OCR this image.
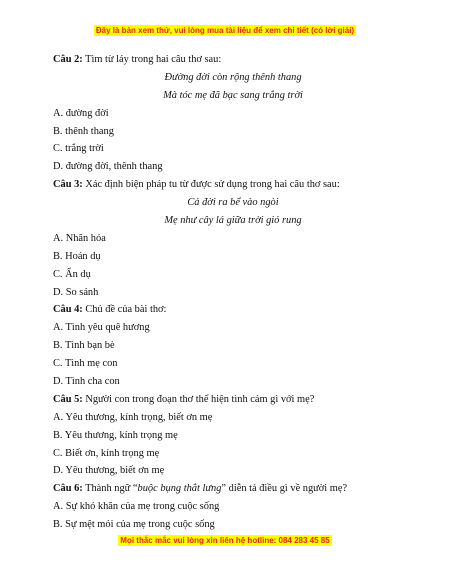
Đây là bản xem thử, vui lòng mua tài liệu để xem chi tiết (có lời giải)
Câu 2: Tìm từ láy trong hai câu thơ sau:
Đường đời còn rộng thênh thang
Mà tóc mẹ đã bạc sang trắng trời
A. đường đời
B. thênh thang
C. trắng trời
D. đường đời, thênh thang
Câu 3: Xác định biện pháp tu từ được sử dụng trong hai câu thơ sau:
Cả đời ra bể vào ngòi
Mẹ như cây lá giữa trời gió rung
A. Nhân hóa
B. Hoán dụ
C. Ẩn dụ
D. So sánh
Câu 4: Chủ đề của bài thơ:
A. Tình yêu quê hương
B. Tình bạn bè
C. Tình mẹ con
D. Tình cha con
Câu 5: Người con trong đoạn thơ thể hiện tình cảm gì với mẹ?
A. Yêu thương, kính trọng, biết ơn mẹ
B. Yêu thương, kính trọng mẹ
C. Biết ơn, kính trọng mẹ
D. Yêu thương, biết ơn mẹ
Câu 6: Thành ngữ “buộc bụng thắt lưng” diễn tả điều gì về người mẹ?
A. Sự khó khăn của mẹ trong cuộc sống
B. Sự mệt mỏi của mẹ trong cuộc sống
Mọi thắc mắc vui lòng xin liên hệ hotline: 084 283 45 85
